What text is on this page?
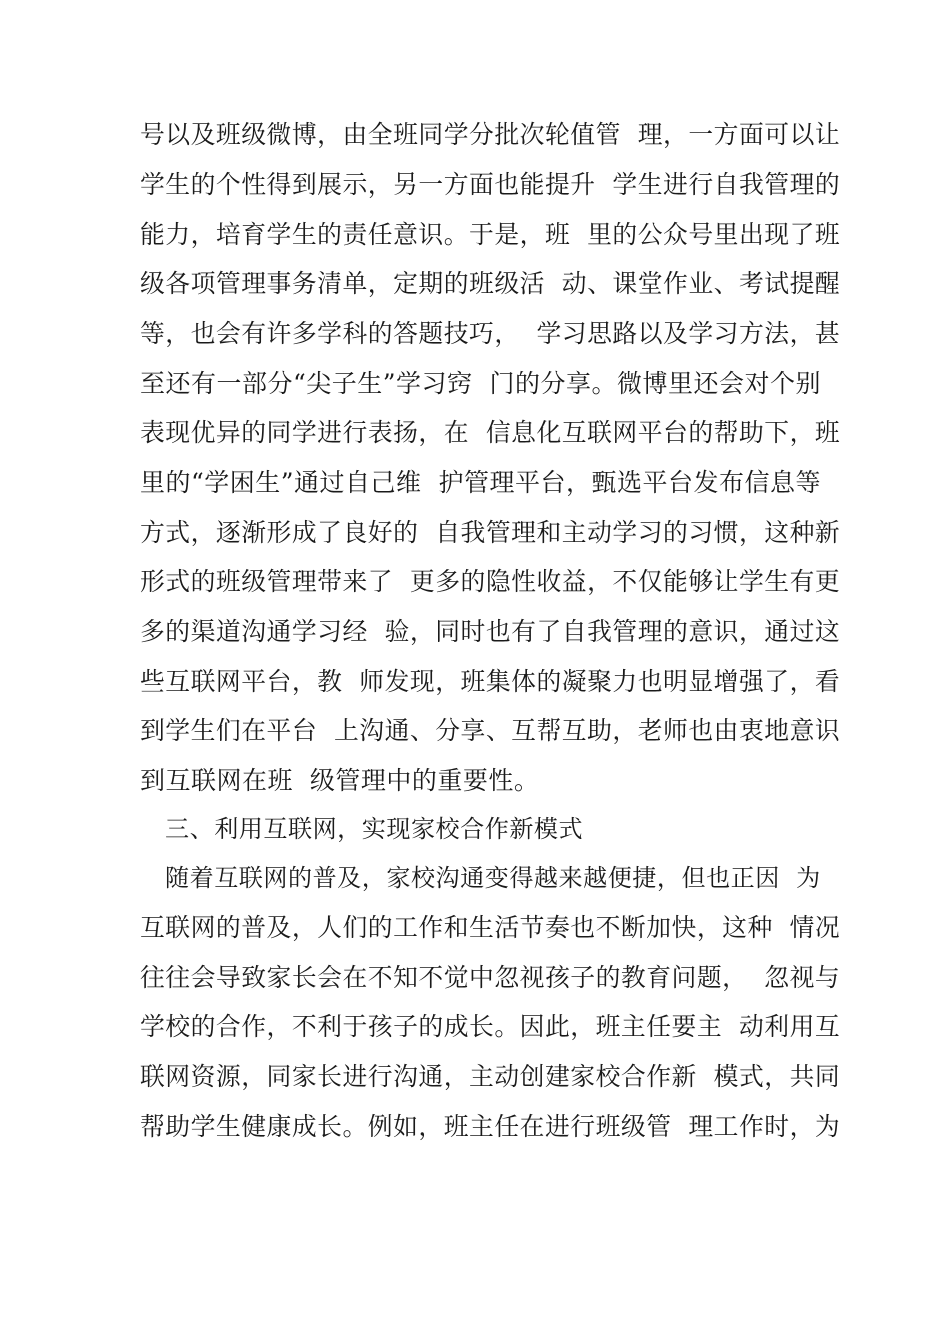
号以及班级微博，由全班同学分批次轮值管  理，一方面可以让
学生的个性得到展示，另一方面也能提升  学生进行自我管理的
能力，培育学生的责任意识。于是，班  里的公众号里出现了班
级各项管理事务清单，定期的班级活  动、课堂作业、考试提醒
等，也会有许多学科的答题技巧，  学习思路以及学习方法，甚
至还有一部分“尖子生”学习窍  门的分享。微博里还会对个别
表现优异的同学进行表扬，在  信息化互联网平台的帮助下，班
里的“学困生”通过自己维  护管理平台，甄选平台发布信息等
方式，逐渐形成了良好的  自我管理和主动学习的习惯，这种新
形式的班级管理带来了  更多的隐性收益，不仅能够让学生有更
多的渠道沟通学习经  验，同时也有了自我管理的意识，通过这
些互联网平台，教  师发现，班集体的凝聚力也明显增强了，看
到学生们在平台  上沟通、分享、互帮互助，老师也由衷地意识
到互联网在班  级管理中的重要性。
三、利用互联网，实现家校合作新模式
随着互联网的普及，家校沟通变得越来越便捷，但也正因  为
互联网的普及，人们的工作和生活节奏也不断加快，这种  情况
往往会导致家长会在不知不觉中忽视孩子的教育问题，  忽视与
学校的合作，不利于孩子的成长。因此，班主任要主  动利用互
联网资源，同家长进行沟通，主动创建家校合作新  模式，共同
帮助学生健康成长。例如，班主任在进行班级管  理工作时，为
